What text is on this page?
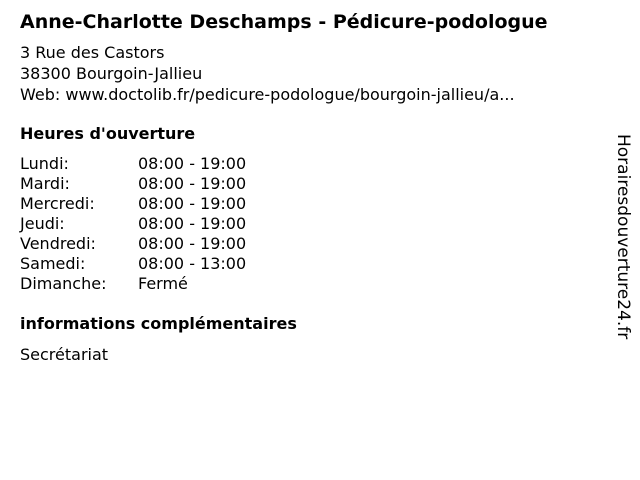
Anne-Charlotte Deschamps - Pédicure-podologue
3 Rue des Castors
38300 Bourgoin-Jallieu
Web: www.doctolib.fr/pedicure-podologue/bourgoin-jallieu/a...
Heures d'ouverture
Lundi:	08:00 - 19:00
Mardi:	08:00 - 19:00
Mercredi:	08:00 - 19:00
Jeudi:	08:00 - 19:00
Vendredi:	08:00 - 19:00
Samedi:	08:00 - 13:00
Dimanche: Fermé
informations complémentaires
Secrétariat
Horairesdouverture24.fr
